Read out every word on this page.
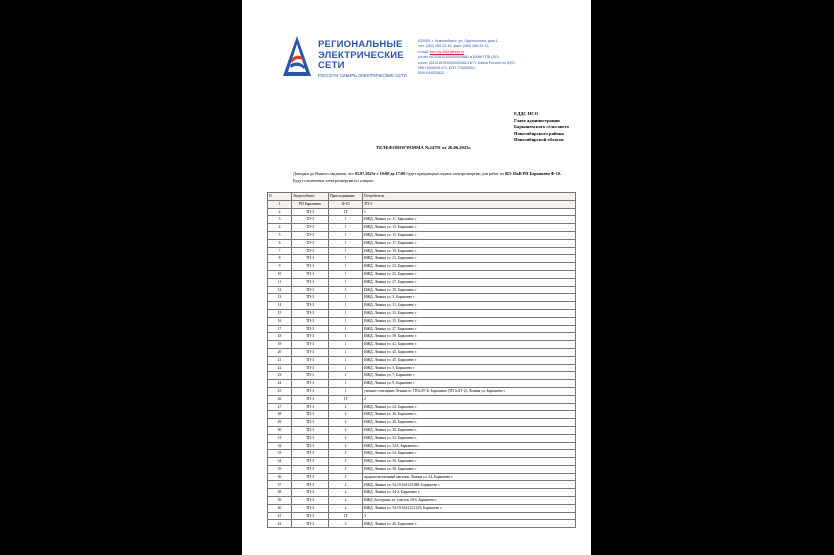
РЕГИОНАЛЬНЫЕ
ЭЛЕКТРИЧЕСКИЕ
СЕТИ
РОССЕТИ СИБИРЬ ЭЛЕКТРИЧЕСКИЕ СЕТИ
630005, г. Новосибирск, ул. Однопосного, дом 1,
тел. (383) 289-33-39, факс (383) 289-33-22,
e-mail: sec.rep.f461@rsetl.ru
р/счет 40702810300000000681 в БАНК ГПБ (АО)
к/счет 30101810000000000823 в ГУ Банка России по ЦФО
ИНН 5406291470, КПП 775050001,
БИК 044525823
ЕДДС НСО
Главе администрации
Барышевского сельсовета
Новосибирского района
Новосибирской области
ТЕЛЕФОНОГРАММА №24791 от 26.06.2025г.
Доводим до Вашего сведения, что 03.07.2025г с 10:00 до 17:00 будет прекращена подача электроэнергии для работ по ВЛ-10кВ РП Барышево Ф-10.
Будут отключены электроэнергии по улицам:
N	Энергообъект	Присоединение	Потребитель
1	РП Барышево	Ф-10	ТП-3
2	ТП-3	1Т	1
3	ТП-3	1	ИЖД, Ленина ул, 11, Барышево с
4	ТП-3	1	ИЖД, Ленина ул, 13, Барышево с
5	ТП-3	1	ИЖД, Ленина ул, 15, Барышево с
6	ТП-3	1	ИЖД, Ленина ул, 17, Барышево с
7	ТП-3	1	ИЖД, Ленина ул, 19, Барышево с
8	ТП-3	1	ИЖД, Ленина ул, 21, Барышево с
9	ТП-3	1	ИЖД, Ленина ул, 23, Барышево с
10	ТП-3	1	ИЖД, Ленина ул, 25, Барышево с
11	ТП-3	1	ИЖД, Ленина ул, 27, Барышево с
12	ТП-3	1	ИЖД, Ленина ул, 29, Барышево с
13	ТП-3	1	ИЖД, Ленина ул, 3, Барышево с
14	ТП-3	1	ИЖД, Ленина ул, 31, Барышево с
15	ТП-3	1	ИЖД, Ленина ул, 33, Барышево с
16	ТП-3	1	ИЖД, Ленина ул, 35, Барышево с
17	ТП-3	1	ИЖД, Ленина ул, 37, Барышево с
18	ТП-3	1	ИЖД, Ленина ул, 39, Барышево с
19	ТП-3	1	ИЖД, Ленина ул, 41, Барышево с
20	ТП-3	1	ИЖД, Ленина ул, 43, Барышево с
21	ТП-3	1	ИЖД, Ленина ул, 45, Барышево с
22	ТП-3	1	ИЖД, Ленина ул, 5, Барышево с
23	ТП-3	1	ИЖД, Ленина ул, 7, Барышево с
24	ТП-3	1	ИЖД, Ленина ул, 9, Барышево с
25	ТП-3	1	уличное освещение Ленина от ТП№ЗТ-3с Барышево (ТП №ЗТ-2), Ленина ул, Барышево с
26	ТП-3	1Т	2
27	ТП-3	2	ИЖД, Ленина ул, 24, Барышево с
28	ТП-3	2	ИЖД, Ленина ул, 26, Барышево с
29	ТП-3	2	ИЖД, Ленина ул, 28, Барышево с
30	ТП-3	2	ИЖД, Ленина ул, 30, Барышево с
31	ТП-3	2	ИЖД, Ленина ул, 32, Барышево с
32	ТП-3	2	ИЖД, Ленина ул, 32А, Барышево с
33	ТП-3	2	ИЖД, Ленина ул, 34, Барышево с
34	ТП-3	2	ИЖД, Ленина ул, 36, Барышево с
35	ТП-3	2	ИЖД, Ленина ул, 38, Барышево с
36	ТП-3	2	продовольственный магазин, Ленина ул, 34, Барышево с
37	ТП-3	2	ИЖД, Ленина ул, 54:19:164123:988, Барышево с
38	ТП-3	2	ИЖД, Ленина ул, 34-2, Барышево с
39	ТП-3	2	ИЖД, Бахтурина ул, участок 20/4, Барышево с
40	ТП-3	2	ИЖД, Ленина ул, 54:19:164123:1255, Барышево с
41	ТП-3	1Т	3
42	ТП-3	3	ИЖД, Ленина ул, 40, Барышево с
